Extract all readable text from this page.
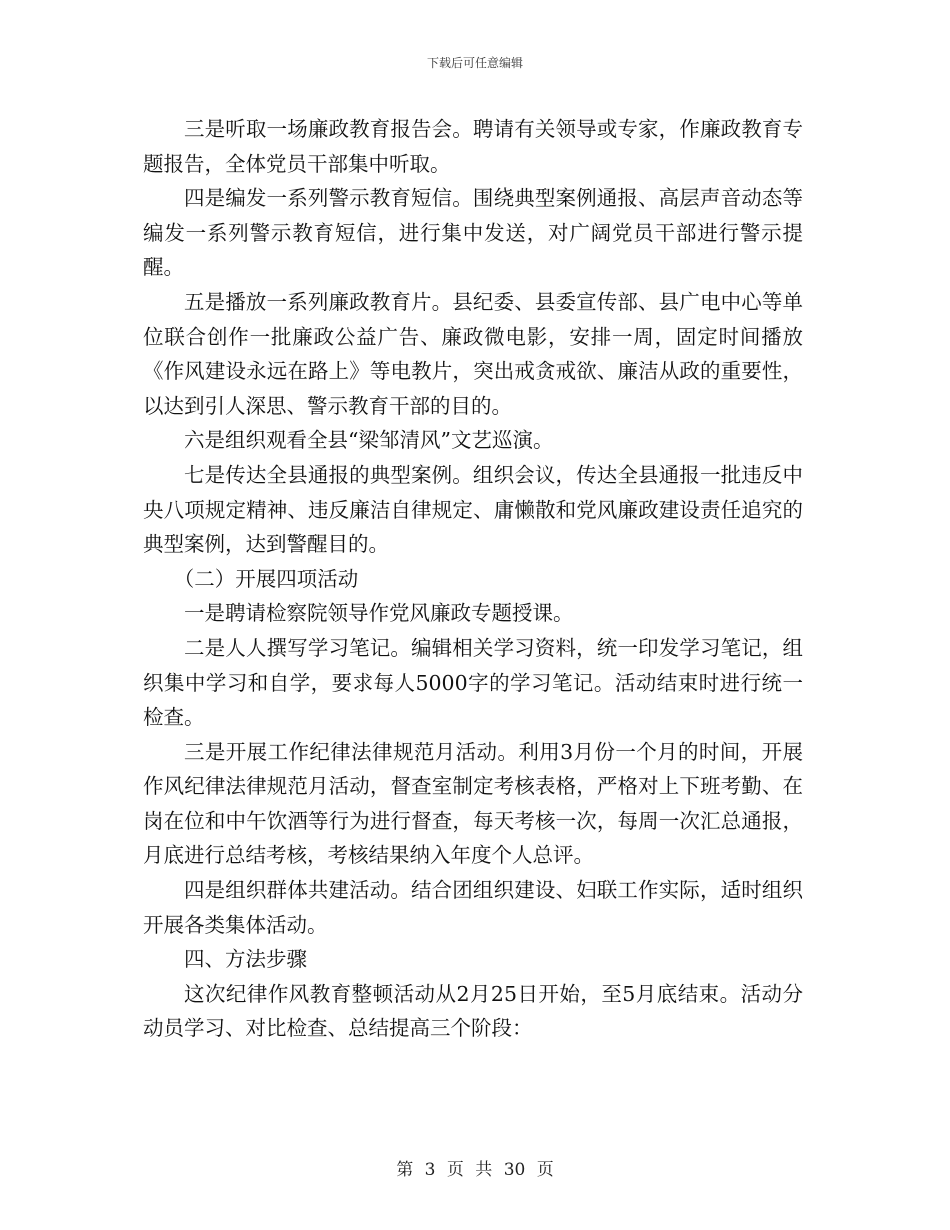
下载后可任意编辑

三是听取一场廉政教育报告会。聘请有关领导或专家，作廉政教育专题报告，全体党员干部集中听取。

四是编发一系列警示教育短信。围绕典型案例通报、高层声音动态等编发一系列警示教育短信，进行集中发送，对广阔党员干部进行警示提醒。

五是播放一系列廉政教育片。县纪委、县委宣传部、县广电中心等单位联合创作一批廉政公益广告、廉政微电影，安排一周，固定时间播放《作风建设永远在路上》等电教片，突出戒贪戒欲、廉洁从政的重要性，以达到引人深思、警示教育干部的目的。

六是组织观看全县“梁邹清风”文艺巡演。

七是传达全县通报的典型案例。组织会议，传达全县通报一批违反中央八项规定精神、违反廉洁自律规定、庸懒散和党风廉政建设责任追究的典型案例，达到警醒目的。

（二）开展四项活动

一是聘请检察院领导作党风廉政专题授课。

二是人人撰写学习笔记。编辑相关学习资料，统一印发学习笔记，组织集中学习和自学，要求每人5000字的学习笔记。活动结束时进行统一检查。

三是开展工作纪律法律规范月活动。利用3月份一个月的时间，开展作风纪律法律规范月活动，督查室制定考核表格，严格对上下班考勤、在岗在位和中午饮酒等行为进行督查，每天考核一次，每周一次汇总通报，月底进行总结考核，考核结果纳入年度个人总评。

四是组织群体共建活动。结合团组织建设、妇联工作实际，适时组织开展各类集体活动。

四、方法步骤

这次纪律作风教育整顿活动从2月25日开始，至5月底结束。活动分动员学习、对比检查、总结提高三个阶段：

第 3 页 共 30 页
